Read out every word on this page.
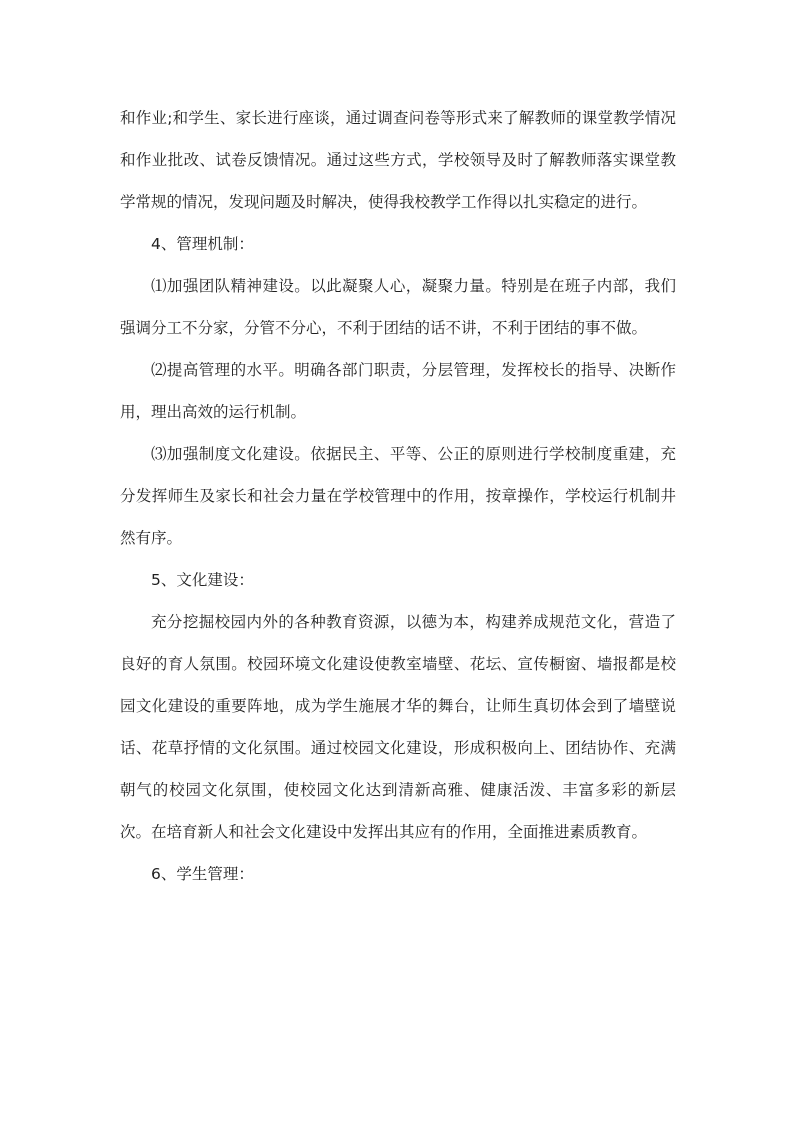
和作业;和学生、家长进行座谈，通过调查问卷等形式来了解教师的课堂教学情况和作业批改、试卷反馈情况。通过这些方式，学校领导及时了解教师落实课堂教学常规的情况，发现问题及时解决，使得我校教学工作得以扎实稳定的进行。

4、管理机制：

⑴加强团队精神建设。以此凝聚人心，凝聚力量。特别是在班子内部，我们强调分工不分家，分管不分心，不利于团结的话不讲，不利于团结的事不做。

⑵提高管理的水平。明确各部门职责，分层管理，发挥校长的指导、决断作用，理出高效的运行机制。

⑶加强制度文化建设。依据民主、平等、公正的原则进行学校制度重建，充分发挥师生及家长和社会力量在学校管理中的作用，按章操作，学校运行机制井然有序。

5、文化建设：

充分挖掘校园内外的各种教育资源，以德为本，构建养成规范文化，营造了良好的育人氛围。校园环境文化建设使教室墙壁、花坛、宣传橱窗、墙报都是校园文化建设的重要阵地，成为学生施展才华的舞台，让师生真切体会到了墙壁说话、花草抒情的文化氛围。通过校园文化建设，形成积极向上、团结协作、充满朝气的校园文化氛围，使校园文化达到清新高雅、健康活泼、丰富多彩的新层次。在培育新人和社会文化建设中发挥出其应有的作用，全面推进素质教育。

6、学生管理：
